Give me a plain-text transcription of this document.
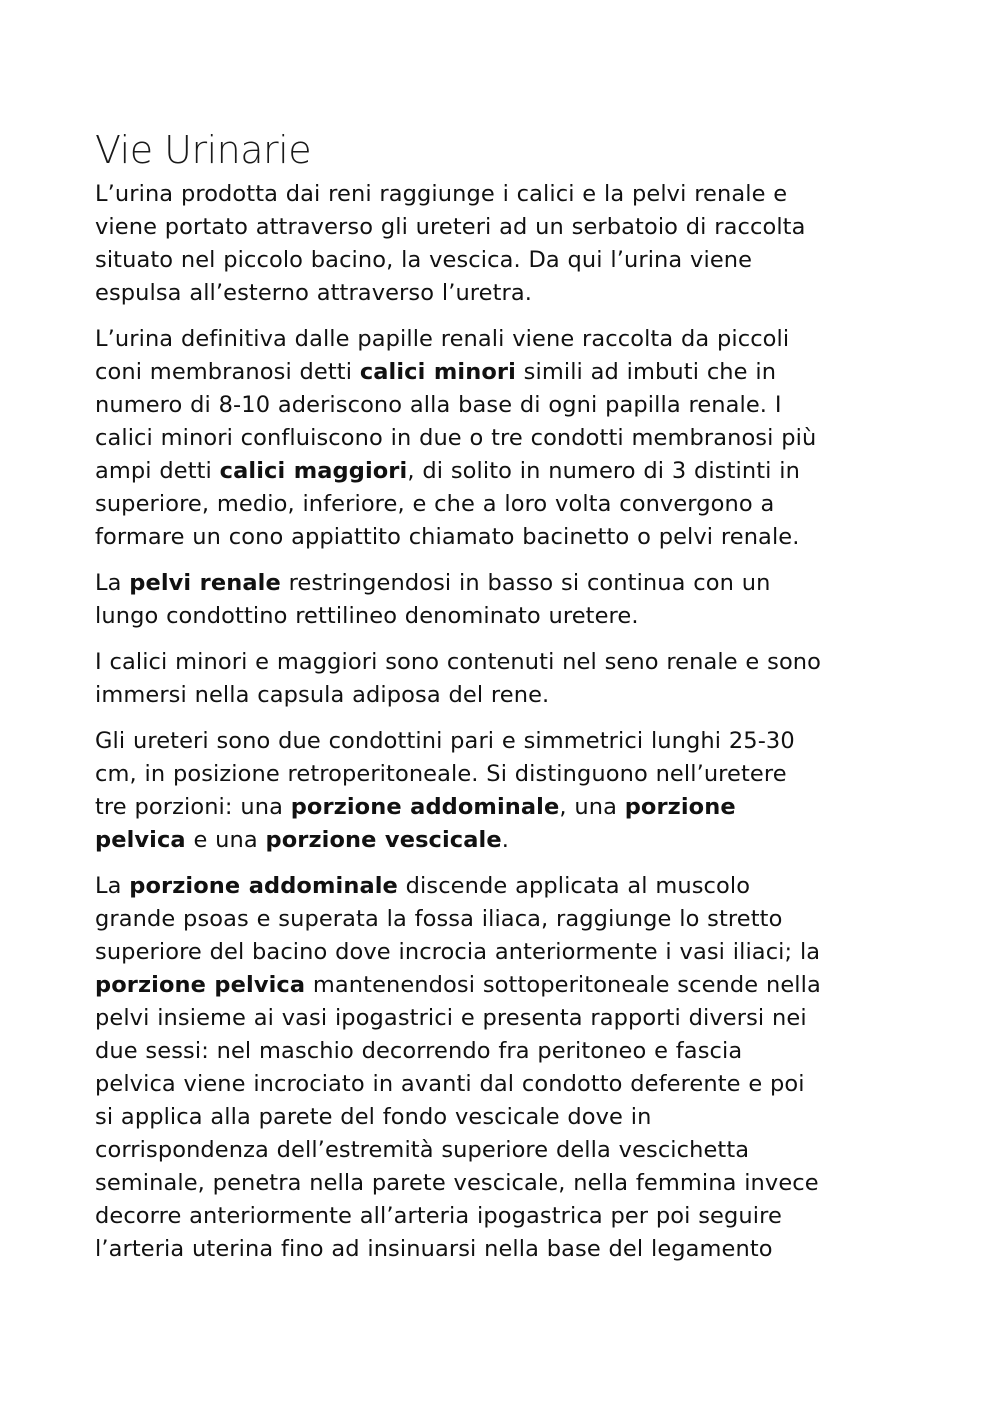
Vie Urinarie

L’urina prodotta dai reni raggiunge i calici e la pelvi renale e
viene portato attraverso gli ureteri ad un serbatoio di raccolta
situato nel piccolo bacino, la vescica. Da qui l’urina viene
espulsa all’esterno attraverso l’uretra.

L’urina definitiva dalle papille renali viene raccolta da piccoli
coni membranosi detti calici minori simili ad imbuti che in
numero di 8-10 aderiscono alla base di ogni papilla renale. I
calici minori confluiscono in due o tre condotti membranosi più
ampi detti calici maggiori, di solito in numero di 3 distinti in
superiore, medio, inferiore, e che a loro volta convergono a
formare un cono appiattito chiamato bacinetto o pelvi renale.

La pelvi renale restringendosi in basso si continua con un
lungo condottino rettilineo denominato uretere.

I calici minori e maggiori sono contenuti nel seno renale e sono
immersi nella capsula adiposa del rene.

Gli ureteri sono due condottini pari e simmetrici lunghi 25-30
cm, in posizione retroperitoneale. Si distinguono nell’uretere
tre porzioni: una porzione addominale, una porzione
pelvica e una porzione vescicale.

La porzione addominale discende applicata al muscolo
grande psoas e superata la fossa iliaca, raggiunge lo stretto
superiore del bacino dove incrocia anteriormente i vasi iliaci; la
porzione pelvica mantenendosi sottoperitoneale scende nella
pelvi insieme ai vasi ipogastrici e presenta rapporti diversi nei
due sessi: nel maschio decorrendo fra peritoneo e fascia
pelvica viene incrociato in avanti dal condotto deferente e poi
si applica alla parete del fondo vescicale dove in
corrispondenza dell’estremità superiore della vescichetta
seminale, penetra nella parete vescicale, nella femmina invece
decorre anteriormente all’arteria ipogastrica per poi seguire
l’arteria uterina fino ad insinuarsi nella base del legamento
